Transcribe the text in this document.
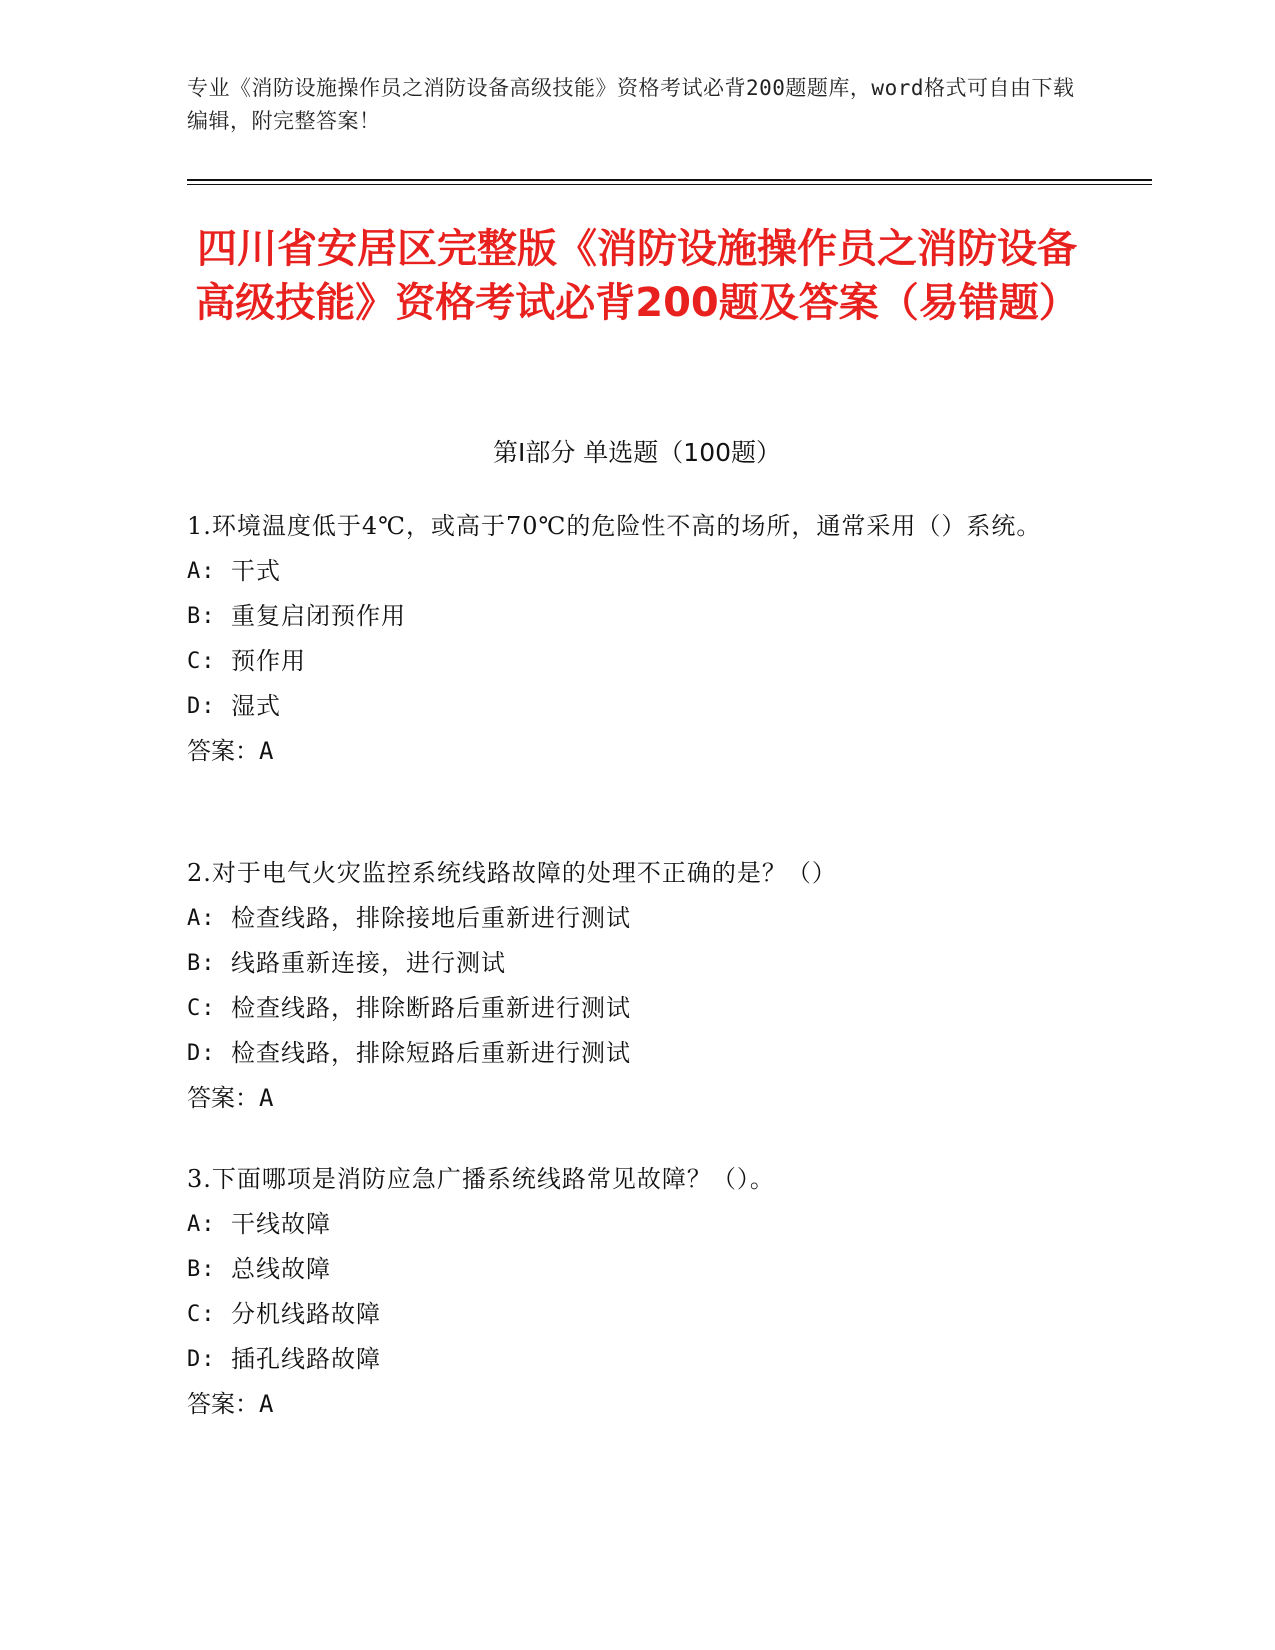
专业《消防设施操作员之消防设备高级技能》资格考试必背200题题库，word格式可自由下载编辑，附完整答案！
四川省安居区完整版《消防设施操作员之消防设备高级技能》资格考试必背200题及答案（易错题）
第I部分 单选题（100题）

1.环境温度低于4℃，或高于70℃的危险性不高的场所，通常采用（）系统。

A: 干式
B: 重复启闭预作用
C: 预作用
D: 湿式
答案：A

2.对于电气火灾监控系统线路故障的处理不正确的是？（）

A: 检查线路，排除接地后重新进行测试
B: 线路重新连接，进行测试
C: 检查线路，排除断路后重新进行测试
D: 检查线路，排除短路后重新进行测试
答案：A

3.下面哪项是消防应急广播系统线路常见故障？（）。

A: 干线故障
B: 总线故障
C: 分机线路故障
D: 插孔线路故障
答案：A
